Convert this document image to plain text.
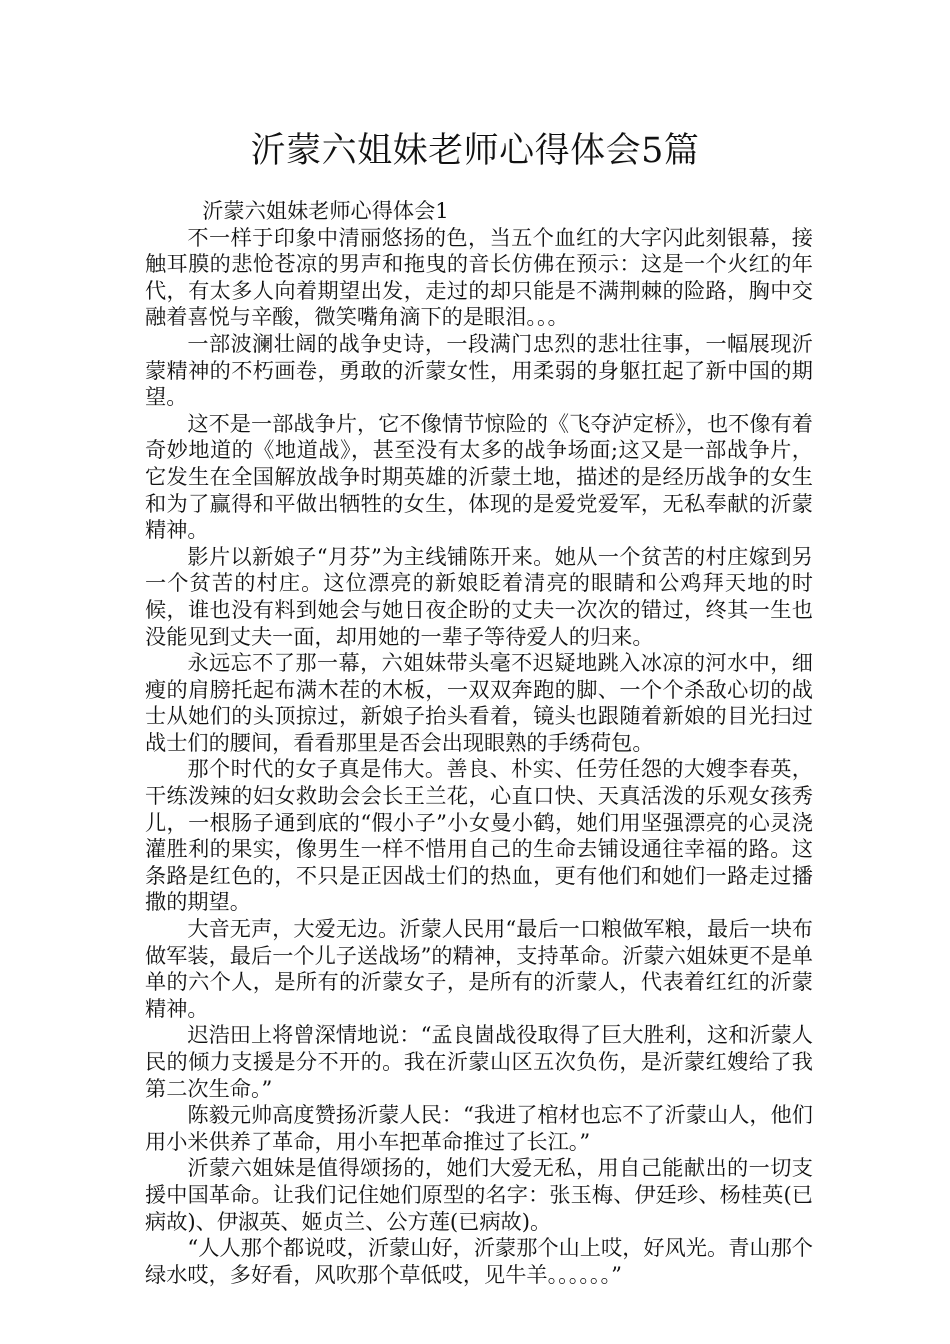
沂蒙六姐妹老师心得体会5篇

沂蒙六姐妹老师心得体会1

不一样于印象中清丽悠扬的色，当五个血红的大字闪此刻银幕，接触耳膜的悲怆苍凉的男声和拖曳的音长仿佛在预示：这是一个火红的年代，有太多人向着期望出发，走过的却只能是不满荆棘的险路，胸中交融着喜悦与辛酸，微笑嘴角滴下的是眼泪。。。

一部波澜壮阔的战争史诗，一段满门忠烈的悲壮往事，一幅展现沂蒙精神的不朽画卷，勇敢的沂蒙女性，用柔弱的身躯扛起了新中国的期望。

这不是一部战争片，它不像情节惊险的《飞夺泸定桥》，也不像有着奇妙地道的《地道战》，甚至没有太多的战争场面;这又是一部战争片，它发生在全国解放战争时期英雄的沂蒙土地，描述的是经历战争的女生和为了赢得和平做出牺牲的女生，体现的是爱党爱军，无私奉献的沂蒙精神。

影片以新娘子“月芬”为主线铺陈开来。她从一个贫苦的村庄嫁到另一个贫苦的村庄。这位漂亮的新娘眨着清亮的眼睛和公鸡拜天地的时候，谁也没有料到她会与她日夜企盼的丈夫一次次的错过，终其一生也没能见到丈夫一面，却用她的一辈子等待爱人的归来。

永远忘不了那一幕，六姐妹带头毫不迟疑地跳入冰凉的河水中，细瘦的肩膀托起布满木茬的木板，一双双奔跑的脚、一个个杀敌心切的战士从她们的头顶掠过，新娘子抬头看着，镜头也跟随着新娘的目光扫过战士们的腰间，看看那里是否会出现眼熟的手绣荷包。

那个时代的女子真是伟大。善良、朴实、任劳任怨的大嫂李春英，干练泼辣的妇女救助会会长王兰花，心直口快、天真活泼的乐观女孩秀儿，一根肠子通到底的“假小子”小女曼小鹤，她们用坚强漂亮的心灵浇灌胜利的果实，像男生一样不惜用自己的生命去铺设通往幸福的路。这条路是红色的，不只是正因战士们的热血，更有他们和她们一路走过播撒的期望。

大音无声，大爱无边。沂蒙人民用“最后一口粮做军粮，最后一块布做军装，最后一个儿子送战场”的精神，支持革命。沂蒙六姐妹更不是单单的六个人，是所有的沂蒙女子，是所有的沂蒙人，代表着红红的沂蒙精神。

迟浩田上将曾深情地说：“孟良崮战役取得了巨大胜利，这和沂蒙人民的倾力支援是分不开的。我在沂蒙山区五次负伤，是沂蒙红嫂给了我第二次生命。”

陈毅元帅高度赞扬沂蒙人民：“我进了棺材也忘不了沂蒙山人，他们用小米供养了革命，用小车把革命推过了长江。”

沂蒙六姐妹是值得颂扬的，她们大爱无私，用自己能献出的一切支援中国革命。让我们记住她们原型的名字：张玉梅、伊廷珍、杨桂英(已病故)、伊淑英、姬贞兰、公方莲(已病故)。

“人人那个都说哎，沂蒙山好，沂蒙那个山上哎，好风光。青山那个绿水哎，多好看，风吹那个草低哎，见牛羊。。。。。。”
